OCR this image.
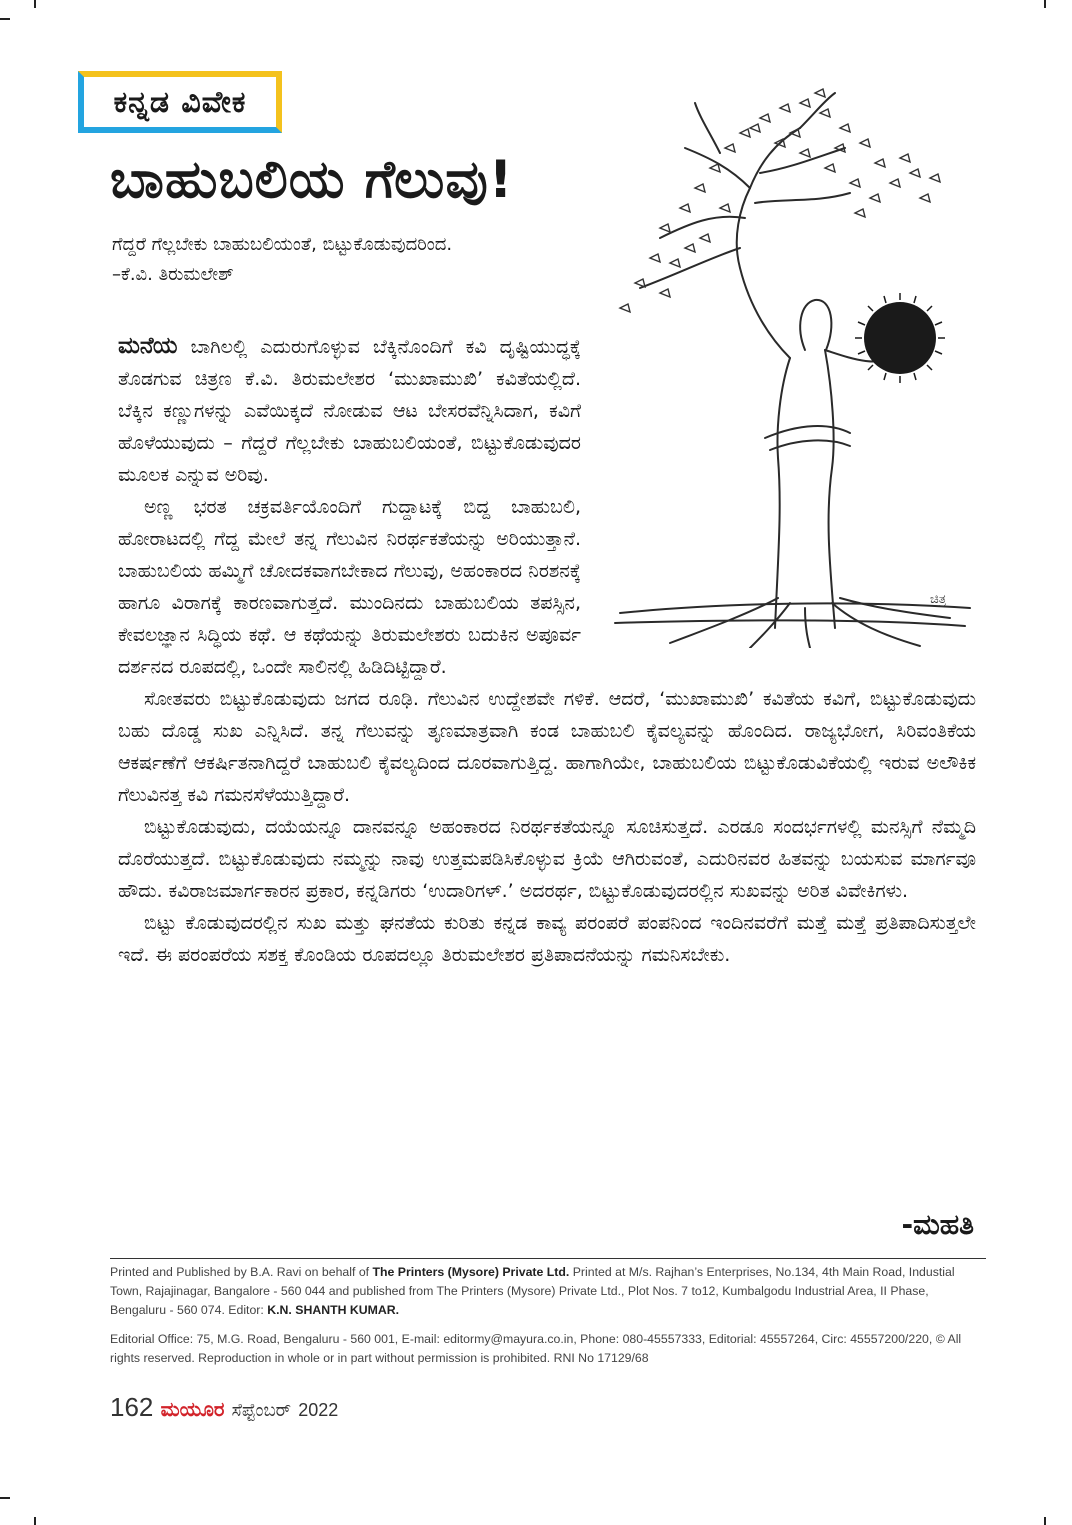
ಕನ್ನಡ ವಿವೇಕ
ಬಾಹುಬಲಿಯ ಗೆಲುವು!
ಗೆದ್ದರೆ ಗೆಲ್ಲಬೇಕು ಬಾಹುಬಲಿಯಂತೆ, ಬಿಟ್ಟುಕೊಡುವುದರಿಂದ.
–ಕೆ.ವಿ. ತಿರುಮಲೇಶ್
ಚಿತ್ರ

ಮನೆಯ ಬಾಗಿಲಲ್ಲಿ ಎದುರುಗೊಳ್ಳುವ ಬೆಕ್ಕಿನೊಂದಿಗೆ ಕವಿ ದೃಷ್ಟಿಯುದ್ಧಕ್ಕೆ ತೊಡಗುವ ಚಿತ್ರಣ ಕೆ.ವಿ. ತಿರುಮಲೇಶರ ‘ಮುಖಾಮುಖಿ’ ಕವಿತೆಯಲ್ಲಿದೆ. ಬೆಕ್ಕಿನ ಕಣ್ಣುಗಳನ್ನು ಎವೆಯಿಕ್ಕದೆ ನೋಡುವ ಆಟ ಬೇಸರವೆನ್ನಿಸಿದಾಗ, ಕವಿಗೆ ಹೊಳೆಯುವುದು – ಗೆದ್ದರೆ ಗೆಲ್ಲಬೇಕು ಬಾಹುಬಲಿಯಂತೆ, ಬಿಟ್ಟುಕೊಡುವುದರ ಮೂಲಕ ಎನ್ನುವ ಅರಿವು.

ಅಣ್ಣ ಭರತ ಚಕ್ರವರ್ತಿಯೊಂದಿಗೆ ಗುದ್ದಾಟಕ್ಕೆ ಬಿದ್ದ ಬಾಹುಬಲಿ, ಹೋರಾಟದಲ್ಲಿ ಗೆದ್ದ ಮೇಲೆ ತನ್ನ ಗೆಲುವಿನ ನಿರರ್ಥಕತೆಯನ್ನು ಅರಿಯುತ್ತಾನೆ. ಬಾಹುಬಲಿಯ ಹಮ್ಮಿಗೆ ಚೋದಕವಾಗಬೇಕಾದ ಗೆಲುವು, ಅಹಂಕಾರದ ನಿರಶನಕ್ಕೆ ಹಾಗೂ ವಿರಾಗಕ್ಕೆ ಕಾರಣವಾಗುತ್ತದೆ. ಮುಂದಿನದು ಬಾಹುಬಲಿಯ ತಪಸ್ಸಿನ, ಕೇವಲಜ್ಞಾನ ಸಿದ್ಧಿಯ ಕಥೆ. ಆ ಕಥೆಯನ್ನು ತಿರುಮಲೇಶರು ಬದುಕಿನ ಅಪೂರ್ವ ದರ್ಶನದ ರೂಪದಲ್ಲಿ, ಒಂದೇ ಸಾಲಿನಲ್ಲಿ ಹಿಡಿದಿಟ್ಟಿದ್ದಾರೆ.

ಸೋತವರು ಬಿಟ್ಟುಕೊಡುವುದು ಜಗದ ರೂಢಿ. ಗೆಲುವಿನ ಉದ್ದೇಶವೇ ಗಳಿಕೆ. ಆದರೆ, ‘ಮುಖಾಮುಖಿ’ ಕವಿತೆಯ ಕವಿಗೆ, ಬಿಟ್ಟುಕೊಡುವುದು ಬಹು ದೊಡ್ಡ ಸುಖ ಎನ್ನಿಸಿದೆ. ತನ್ನ ಗೆಲುವನ್ನು ತೃಣಮಾತ್ರವಾಗಿ ಕಂಡ ಬಾಹುಬಲಿ ಕೈವಲ್ಯವನ್ನು ಹೊಂದಿದ. ರಾಜ್ಯಭೋಗ, ಸಿರಿವಂತಿಕೆಯ ಆಕರ್ಷಣೆಗೆ ಆಕರ್ಷಿತನಾಗಿದ್ದರೆ ಬಾಹುಬಲಿ ಕೈವಲ್ಯದಿಂದ ದೂರವಾಗುತ್ತಿದ್ದ. ಹಾಗಾಗಿಯೇ, ಬಾಹುಬಲಿಯ ಬಿಟ್ಟುಕೊಡುವಿಕೆಯಲ್ಲಿ ಇರುವ ಅಲೌಕಿಕ ಗೆಲುವಿನತ್ತ ಕವಿ ಗಮನಸೆಳೆಯುತ್ತಿದ್ದಾರೆ.

ಬಿಟ್ಟುಕೊಡುವುದು, ದಯೆಯನ್ನೂ ದಾನವನ್ನೂ ಅಹಂಕಾರದ ನಿರರ್ಥಕತೆಯನ್ನೂ ಸೂಚಿಸುತ್ತದೆ. ಎರಡೂ ಸಂದರ್ಭಗಳಲ್ಲಿ ಮನಸ್ಸಿಗೆ ನೆಮ್ಮದಿ ದೊರೆಯುತ್ತದೆ. ಬಿಟ್ಟುಕೊಡುವುದು ನಮ್ಮನ್ನು ನಾವು ಉತ್ತಮಪಡಿಸಿಕೊಳ್ಳುವ ಕ್ರಿಯೆ ಆಗಿರುವಂತೆ, ಎದುರಿನವರ ಹಿತವನ್ನು ಬಯಸುವ ಮಾರ್ಗವೂ ಹೌದು. ಕವಿರಾಜಮಾರ್ಗಕಾರನ ಪ್ರಕಾರ, ಕನ್ನಡಿಗರು ‘ಉದಾರಿಗಳ್.’ ಅದರರ್ಥ, ಬಿಟ್ಟುಕೊಡುವುದರಲ್ಲಿನ ಸುಖವನ್ನು ಅರಿತ ವಿವೇಕಿಗಳು.

ಬಿಟ್ಟು ಕೊಡುವುದರಲ್ಲಿನ ಸುಖ ಮತ್ತು ಘನತೆಯ ಕುರಿತು ಕನ್ನಡ ಕಾವ್ಯ ಪರಂಪರೆ ಪಂಪನಿಂದ ಇಂದಿನವರೆಗೆ ಮತ್ತೆ ಮತ್ತೆ ಪ್ರತಿಪಾದಿಸುತ್ತಲೇ ಇದೆ. ಈ ಪರಂಪರೆಯ ಸಶಕ್ತ ಕೊಂಡಿಯ ರೂಪದಲ್ಲೂ ತಿರುಮಲೇಶರ ಪ್ರತಿಪಾದನೆಯನ್ನು ಗಮನಿಸಬೇಕು.

-ಮಹತಿ

Printed and Published by B.A. Ravi on behalf of The Printers (Mysore) Private Ltd. Printed at M/s. Rajhan’s Enterprises, No.134, 4th Main Road, Industial Town, Rajajinagar, Bangalore - 560 044 and published from The Printers (Mysore) Private Ltd., Plot Nos. 7 to12, Kumbalgodu Industrial Area, II Phase, Bengaluru - 560 074. Editor: K.N. SHANTH KUMAR.

Editorial Office: 75, M.G. Road, Bengaluru - 560 001, E-mail: editormy@mayura.co.in, Phone: 080-45557333, Editorial: 45557264, Circ: 45557200/220, © All rights reserved. Reproduction in whole or in part without permission is prohibited. RNI No 17129/68

162 ಮಯೂರ ಸೆಪ್ಟೆಂಬರ್ 2022
